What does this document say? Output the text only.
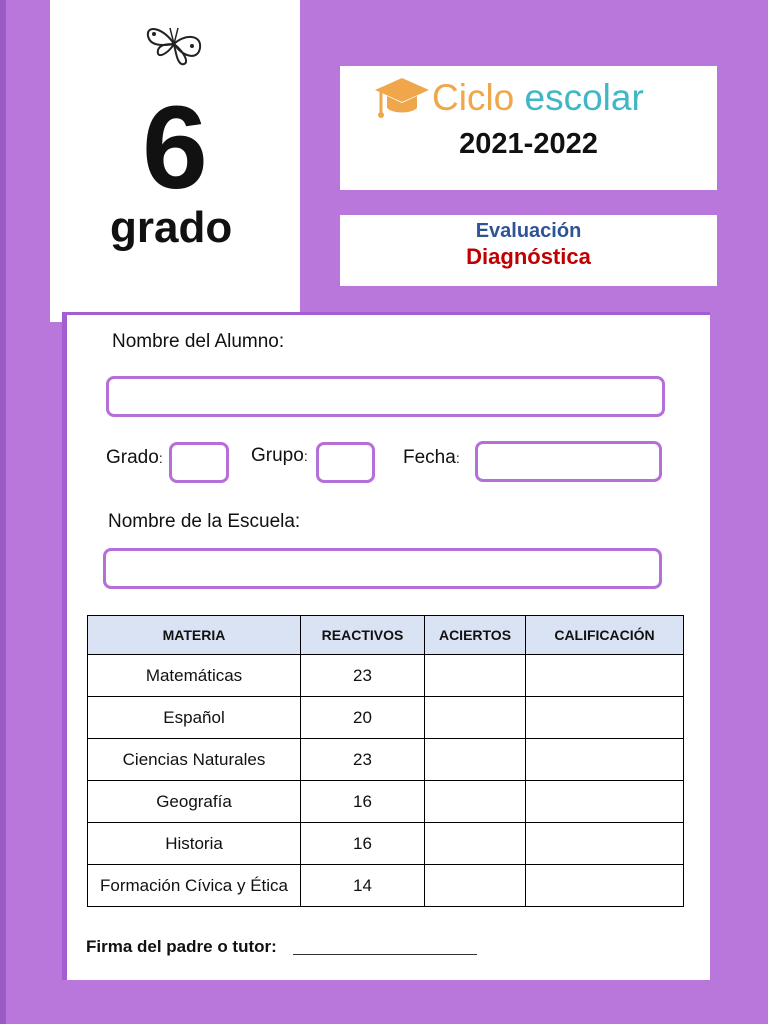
6
grado
Ciclo escolar
2021-2022
Evaluación
Diagnóstica
Nombre del Alumno:
Grado:	Grupo:	Fecha:
Nombre de la Escuela:
MATERIA	REACTIVOS	ACIERTOS	CALIFICACIÓN
Matemáticas	23		
Español	20		
Ciencias Naturales	23		
Geografía	16		
Historia	16		
Formación Cívica y Ética	14		
Firma del padre o tutor:
